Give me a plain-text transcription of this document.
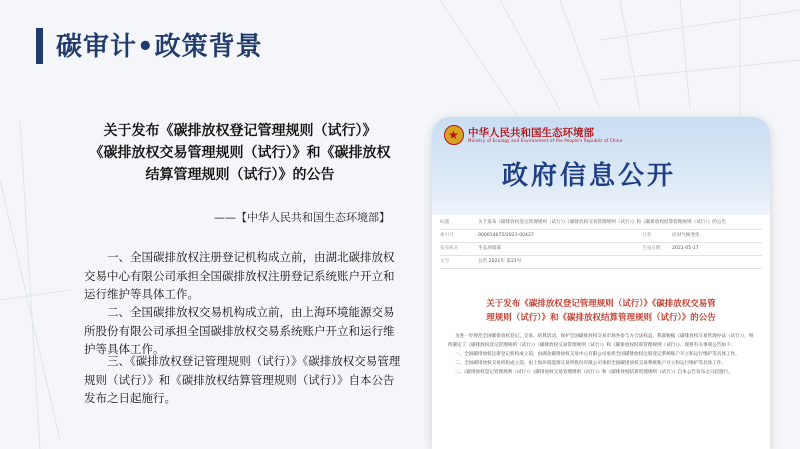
碳审计•政策背景
关于发布《碳排放权登记管理规则（试行）》
《碳排放权交易管理规则（试行）》和《碳排放权
结算管理规则（试行）》的公告
——【中华人民共和国生态环境部】
一、全国碳排放权注册登记机构成立前，由湖北碳排放权交易中心有限公司承担全国碳排放权注册登记系统账户开立和运行维护等具体工作。
二、全国碳排放权交易机构成立前，由上海环境能源交易所股份有限公司承担全国碳排放权交易系统账户开立和运行维护等具体工作。
三、《碳排放权登记管理规则（试行）》《碳排放权交易管理规则（试行）》和《碳排放权结算管理规则（试行）》自本公告发布之日起施行。
★ 中华人民共和国生态环境部
Ministry of Ecology and Environment of the People's Republic of China
政府信息公开
标题	关于发布《碳排放权登记管理规则（试行）》《碳排放权交易管理规则（试行）》和《碳排放权结算管理规则（试行）》的公告
索引号	000014672/2021-00427	分类	应对气候变化
发布机关	生态环境部	生成日期	2021-05-17
文号	公告 2021年 第21号
关于发布《碳排放权登记管理规则（试行）》《碳排放权交易管
理规则（试行）》和《碳排放权结算管理规则（试行）》的公告
为进一步规范全国碳排放权登记、交易、结算活动，保护全国碳排放权交易市场各参与方合法权益，我部根据《碳排放权交易管理办法（试行）》，组织制定了《碳排放权登记管理规则（试行）》《碳排放权交易管理规则（试行）》和《碳排放权结算管理规则（试行）》，现将有关事项公告如下：
一、全国碳排放权注册登记机构成立前，由湖北碳排放权交易中心有限公司承担全国碳排放权注册登记系统账户开立和运行维护等具体工作。
二、全国碳排放权交易机构成立前，由上海环境能源交易所股份有限公司承担全国碳排放权交易系统账户开立和运行维护等具体工作。
三、《碳排放权登记管理规则（试行）》《碳排放权交易管理规则（试行）》和《碳排放权结算管理规则（试行）》自本公告发布之日起施行。
